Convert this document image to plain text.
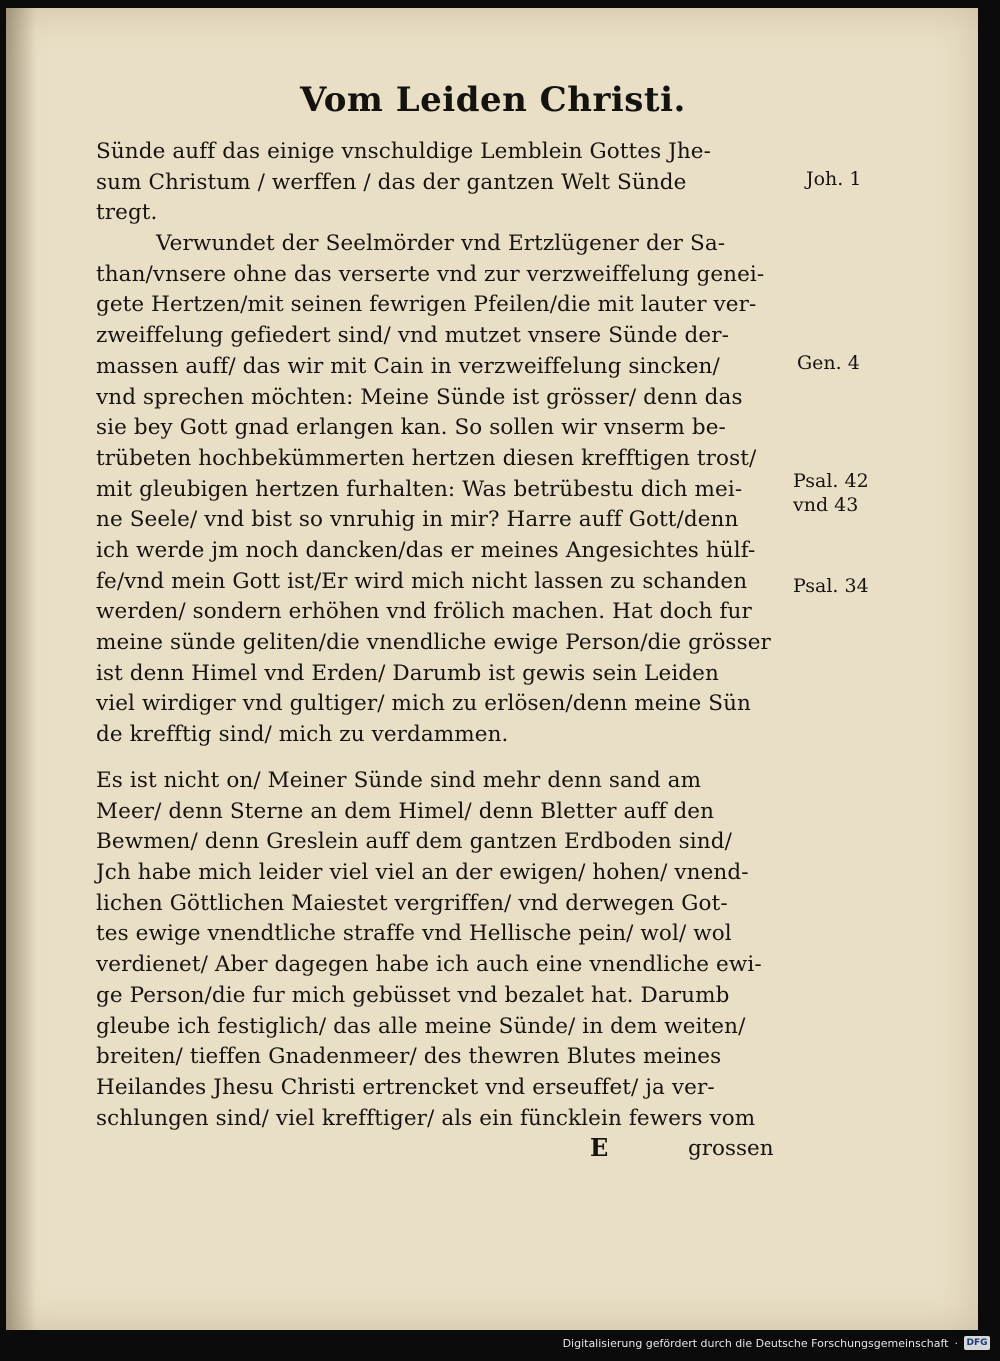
Vom Leiden Christi.
Sünde auff das einige vnschuldige Lemblein Gottes Jhe-
sum Christum / werffen / das der gantzen Welt Sünde
tregt.
Verwundet der Seelmörder vnd Ertzlügener der Sa-
than/vnsere ohne das verserte vnd zur verzweiffelung genei-
gete Hertzen/mit seinen fewrigen Pfeilen/die mit lauter ver-
zweiffelung gefiedert sind/ vnd mutzet vnsere Sünde der-
massen auff/ das wir mit Cain in verzweiffelung sincken/
vnd sprechen möchten: Meine Sünde ist grösser/ denn das
sie bey Gott gnad erlangen kan. So sollen wir vnserm be-
trübeten hochbekümmerten hertzen diesen krefftigen trost/
mit gleubigen hertzen furhalten: Was betrübestu dich mei-
ne Seele/ vnd bist so vnruhig in mir? Harre auff Gott/denn
ich werde jm noch dancken/das er meines Angesichtes hülf-
fe/vnd mein Gott ist/Er wird mich nicht lassen zu schanden
werden/ sondern erhöhen vnd frölich machen. Hat doch fur
meine sünde geliten/die vnendliche ewige Person/die grösser
ist denn Himel vnd Erden/ Darumb ist gewis sein Leiden
viel wirdiger vnd gultiger/ mich zu erlösen/denn meine Sün
de krefftig sind/ mich zu verdammen.
Es ist nicht on/ Meiner Sünde sind mehr denn sand am
Meer/ denn Sterne an dem Himel/ denn Bletter auff den
Bewmen/ denn Greslein auff dem gantzen Erdboden sind/
Jch habe mich leider viel viel an der ewigen/ hohen/ vnend-
lichen Göttlichen Maiestet vergriffen/ vnd derwegen Got-
tes ewige vnendtliche straffe vnd Hellische pein/ wol/ wol
verdienet/ Aber dagegen habe ich auch eine vnendliche ewi-
ge Person/die fur mich gebüsset vnd bezalet hat. Darumb
gleube ich festiglich/ das alle meine Sünde/ in dem weiten/
breiten/ tieffen Gnadenmeer/ des thewren Blutes meines
Heilandes Jhesu Christi ertrencket vnd erseuffet/ ja ver-
schlungen sind/ viel krefftiger/ als ein füncklein fewers vom
Joh. 1
Gen. 4
Psal. 42
vnd 43
Psal. 34
E	grossen
Digitalisierung gefördert durch die Deutsche Forschungsgemeinschaft · DFG
